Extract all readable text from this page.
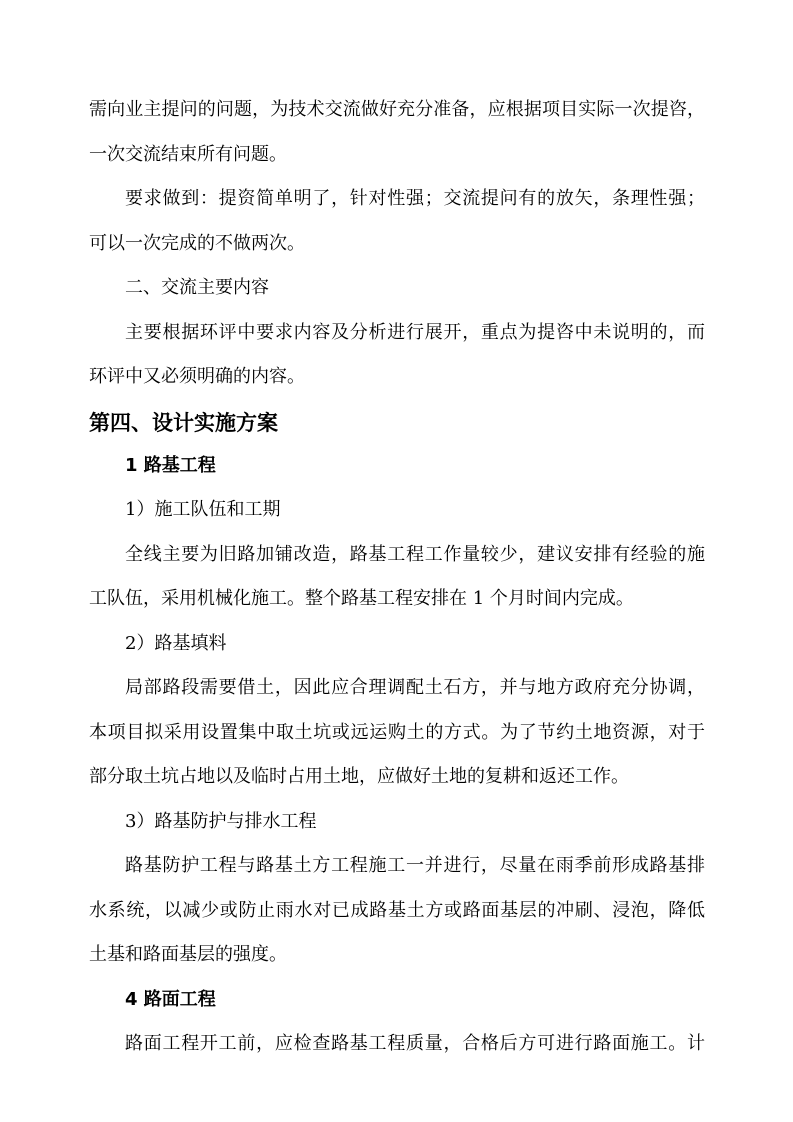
需向业主提问的问题，为技术交流做好充分准备，应根据项目实际一次提咨，
一次交流结束所有问题。

要求做到：提资简单明了，针对性强；交流提问有的放矢，条理性强；
可以一次完成的不做两次。

二、交流主要内容

主要根据环评中要求内容及分析进行展开，重点为提咨中未说明的，而
环评中又必须明确的内容。

第四、设计实施方案
1 路基工程

1）施工队伍和工期

全线主要为旧路加铺改造，路基工程工作量较少，建议安排有经验的施
工队伍，采用机械化施工。整个路基工程安排在 1 个月时间内完成。

2）路基填料

局部路段需要借土，因此应合理调配土石方，并与地方政府充分协调，
本项目拟采用设置集中取土坑或远运购土的方式。为了节约土地资源，对于
部分取土坑占地以及临时占用土地，应做好土地的复耕和返还工作。

3）路基防护与排水工程

路基防护工程与路基土方工程施工一并进行，尽量在雨季前形成路基排
水系统，以减少或防止雨水对已成路基土方或路面基层的冲刷、浸泡，降低
土基和路面基层的强度。

4 路面工程

路面工程开工前，应检查路基工程质量，合格后方可进行路面施工。计
